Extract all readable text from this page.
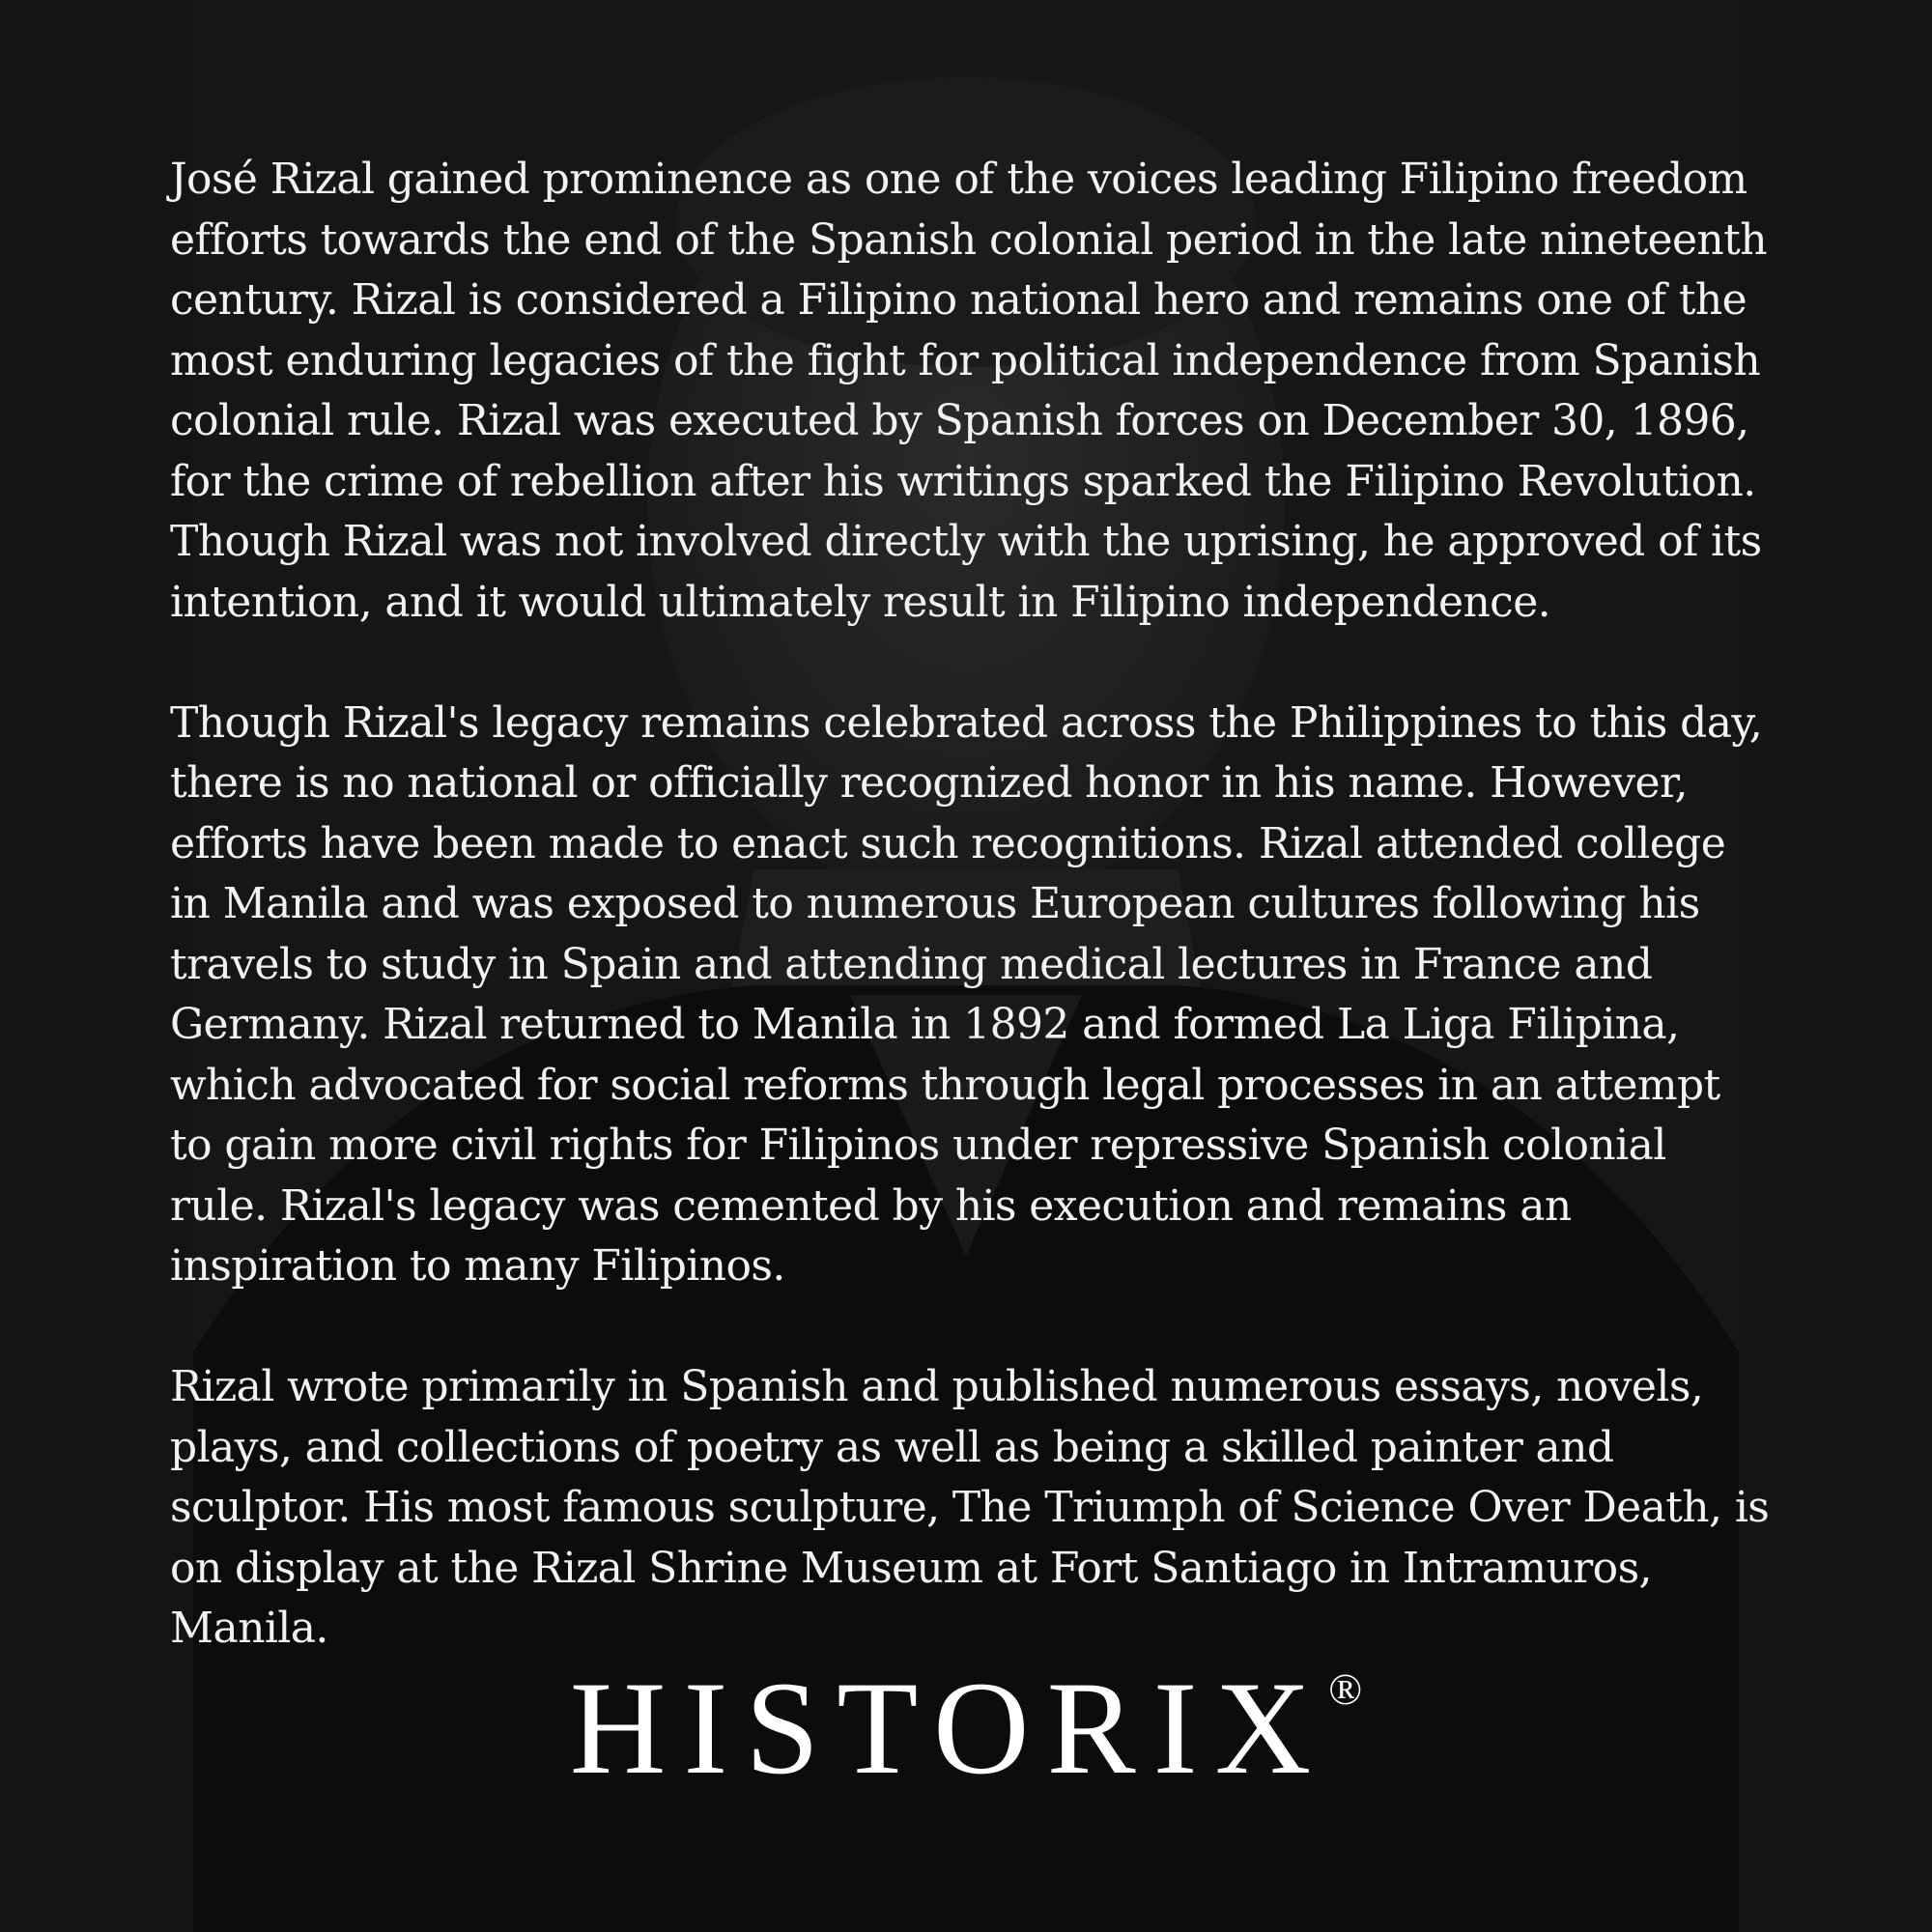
José Rizal gained prominence as one of the voices leading Filipino freedom efforts towards the end of the Spanish colonial period in the late nineteenth century. Rizal is considered a Filipino national hero and remains one of the most enduring legacies of the fight for political independence from Spanish colonial rule. Rizal was executed by Spanish forces on December 30, 1896, for the crime of rebellion after his writings sparked the Filipino Revolution. Though Rizal was not involved directly with the uprising, he approved of its intention, and it would ultimately result in Filipino independence.

Though Rizal's legacy remains celebrated across the Philippines to this day, there is no national or officially recognized honor in his name. However, efforts have been made to enact such recognitions. Rizal attended college in Manila and was exposed to numerous European cultures following his travels to study in Spain and attending medical lectures in France and Germany. Rizal returned to Manila in 1892 and formed La Liga Filipina, which advocated for social reforms through legal processes in an attempt to gain more civil rights for Filipinos under repressive Spanish colonial rule. Rizal's legacy was cemented by his execution and remains an inspiration to many Filipinos.

Rizal wrote primarily in Spanish and published numerous essays, novels, plays, and collections of poetry as well as being a skilled painter and sculptor. His most famous sculpture, The Triumph of Science Over Death, is on display at the Rizal Shrine Museum at Fort Santiago in Intramuros, Manila.

HISTORIX®
